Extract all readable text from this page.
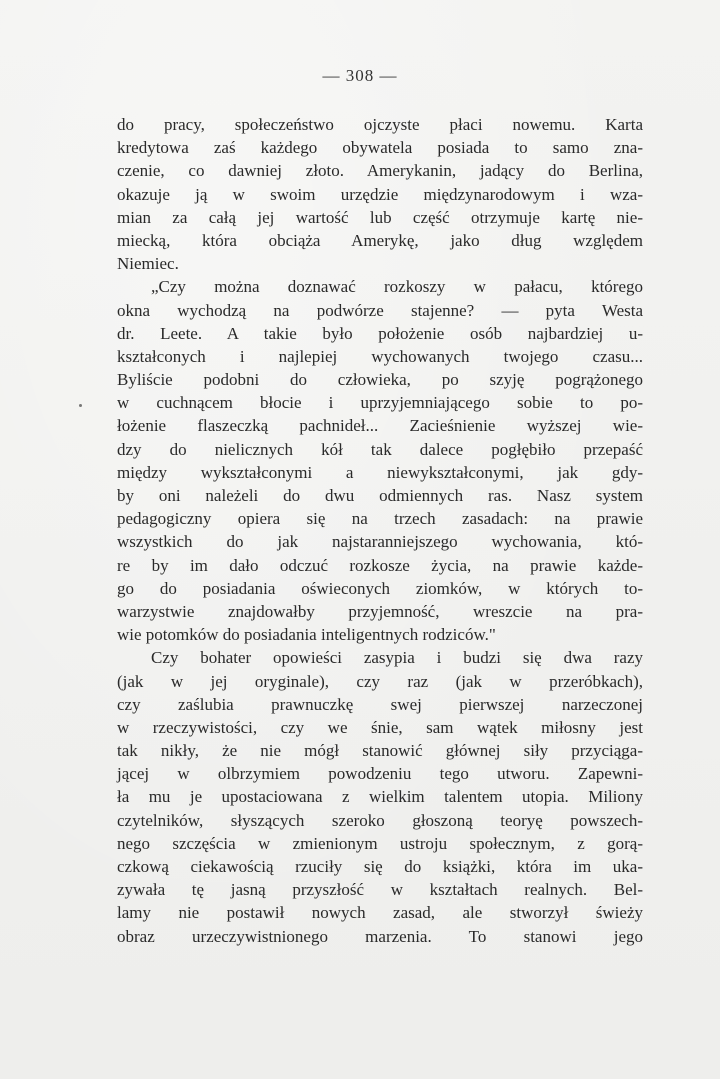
— 308 —
do pracy, społeczeństwo ojczyste płaci nowemu. Karta
kredytowa zaś każdego obywatela posiada to samo zna-
czenie, co dawniej złoto. Amerykanin, jadący do Berlina,
okazuje ją w swoim urzędzie międzynarodowym i wza-
mian za całą jej wartość lub część otrzymuje kartę nie-
miecką, która obciąża Amerykę, jako dług względem
Niemiec.
„Czy można doznawać rozkoszy w pałacu, którego
okna wychodzą na podwórze stajenne? — pyta Westa
dr. Leete. A takie było położenie osób najbardziej u-
kształconych i najlepiej wychowanych twojego czasu...
Byliście podobni do człowieka, po szyję pogrążonego
w cuchnącem błocie i uprzyjemniającego sobie to po-
łożenie flaszeczką pachnideł... Zacieśnienie wyższej wie-
dzy do nielicznych kół tak dalece pogłębiło przepaść
między wykształconymi a niewykształconymi, jak gdy-
by oni należeli do dwu odmiennych ras. Nasz system
pedagogiczny opiera się na trzech zasadach: na prawie
wszystkich do jak najstaranniejszego wychowania, któ-
re by im dało odczuć rozkosze życia, na prawie każde-
go do posiadania oświeconych ziomków, w których to-
warzystwie znajdowałby przyjemność, wreszcie na pra-
wie potomków do posiadania inteligentnych rodziców."
Czy bohater opowieści zasypia i budzi się dwa razy
(jak w jej oryginale), czy raz (jak w przeróbkach),
czy zaślubia prawnuczkę swej pierwszej narzeczonej
w rzeczywistości, czy we śnie, sam wątek miłosny jest
tak nikły, że nie mógł stanowić głównej siły przyciąga-
jącej w olbrzymiem powodzeniu tego utworu. Zapewni-
ła mu je upostaciowana z wielkim talentem utopia. Miliony
czytelników, słyszących szeroko głoszoną teoryę powszech-
nego szczęścia w zmienionym ustroju społecznym, z gorą-
czkową ciekawością rzuciły się do książki, która im uka-
zywała tę jasną przyszłość w kształtach realnych. Bel-
lamy nie postawił nowych zasad, ale stworzył świeży
obraz urzeczywistnionego marzenia. To stanowi jego
